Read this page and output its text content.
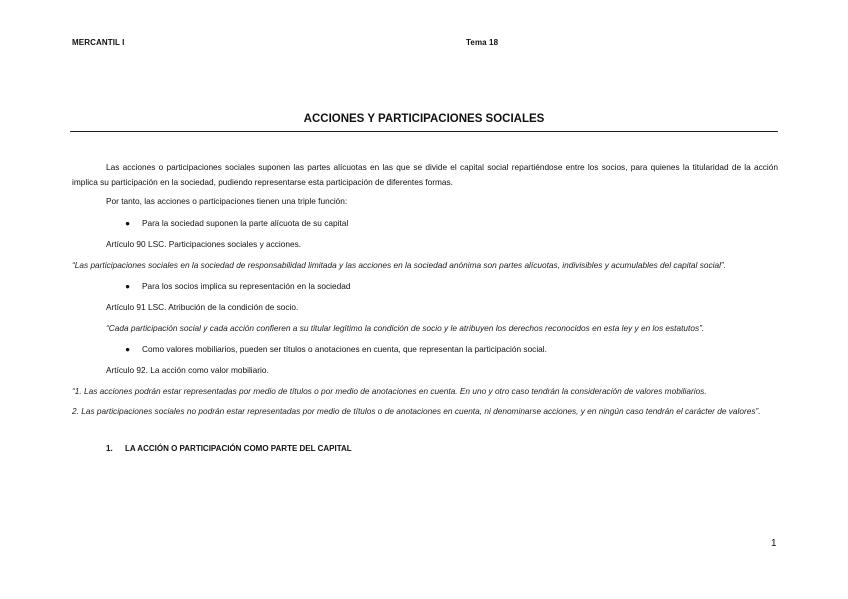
MERCANTIL I	Tema 18
ACCIONES Y PARTICIPACIONES SOCIALES

Las acciones o participaciones sociales suponen las partes alícuotas en las que se divide el capital social repartiéndose entre los socios, para quienes la titularidad de la acción implica su participación en la sociedad, pudiendo representarse esta participación de diferentes formas.

Por tanto, las acciones o participaciones tienen una triple función:

● Para la sociedad suponen la parte alícuota de su capital

Artículo 90 LSC. Participaciones sociales y acciones.

“Las participaciones sociales en la sociedad de responsabilidad limitada y las acciones en la sociedad anónima son partes alícuotas, indivisibles y acumulables del capital social”.

● Para los socios implica su representación en la sociedad

Artículo 91 LSC. Atribución de la condición de socio.

“Cada participación social y cada acción confieren a su titular legítimo la condición de socio y le atribuyen los derechos reconocidos en esta ley y en los estatutos”.

● Como valores mobiliarios, pueden ser títulos o anotaciones en cuenta, que representan la participación social.

Artículo 92. La acción como valor mobiliario.

“1. Las acciones podrán estar representadas por medio de títulos o por medio de anotaciones en cuenta. En uno y otro caso tendrán la consideración de valores mobiliarios.

2. Las participaciones sociales no podrán estar representadas por medio de títulos o de anotaciones en cuenta, ni denominarse acciones, y en ningún caso tendrán el carácter de valores”.

1. LA ACCIÓN O PARTICIPACIÓN COMO PARTE DEL CAPITAL

1
